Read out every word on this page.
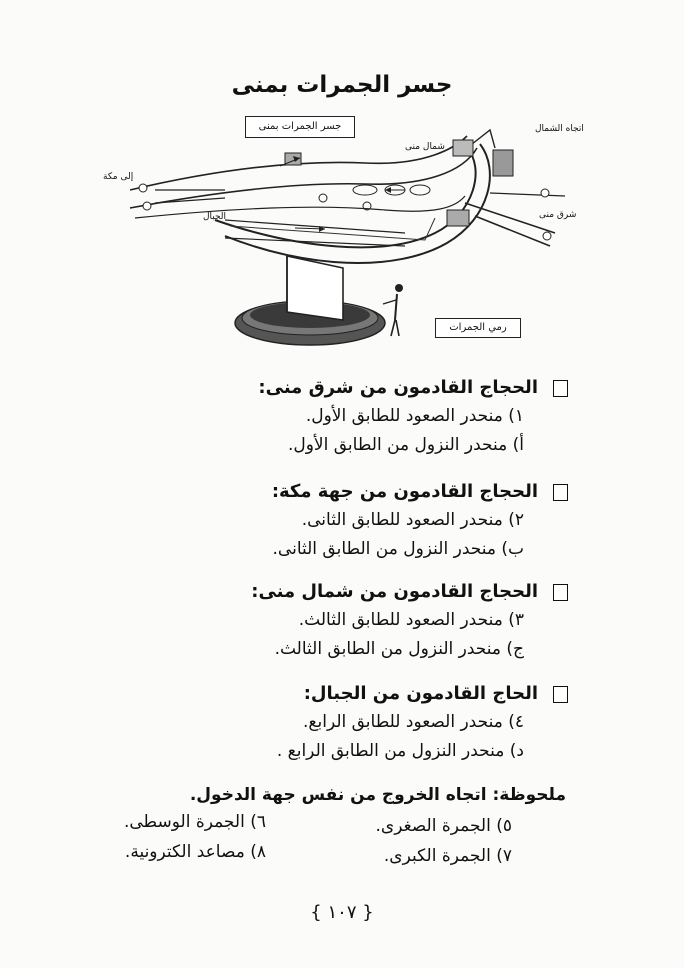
جسر الجمرات بمنى
جسر الجمرات بمنى	اتجاه الشمال
شمال منى
إلى مكة
شرق منى
الجبال
رمي الجمرات
الحجاج القادمون من شرق منى:
١) منحدر الصعود للطابق الأول.
أ) منحدر النزول من الطابق الأول.
الحجاج القادمون من جهة مكة:
٢) منحدر الصعود للطابق الثانى.
ب) منحدر النزول من الطابق الثانى.
الحجاج القادمون من شمال منى:
٣) منحدر الصعود للطابق الثالث.
ج) منحدر النزول من الطابق الثالث.
الحاج القادمون من الجبال:
٤) منحدر الصعود للطابق الرابع.
د) منحدر النزول من الطابق الرابع .
ملحوظة: اتجاه الخروج من نفس جهة الدخول.
٥) الجمرة الصغرى.
٦) الجمرة الوسطى.
٧) الجمرة الكبرى.
٨) مصاعد الكترونية.
{ ١٠٧ }
